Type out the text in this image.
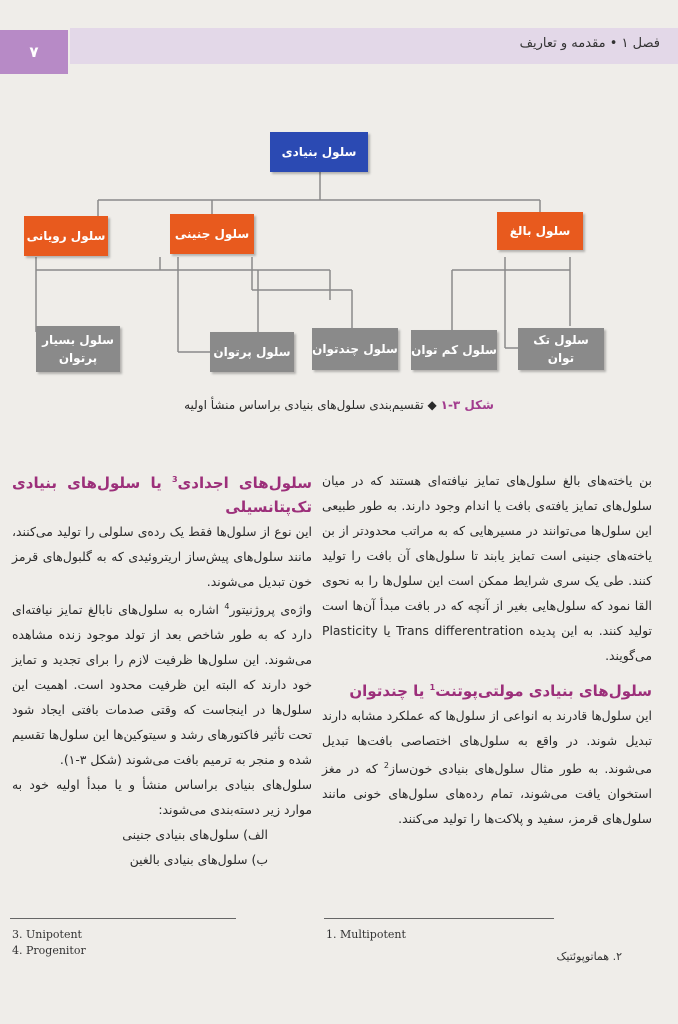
۷	فصل ۱ • مقدمه و تعاریف
سلول بنیادی
سلول بالغ
سلول جنینی
سلول رویانی
سلول تک توان
سلول کم توان
سلول چندتوان
سلول پرتوان
سلول بسیار پرتوان
شکل ۳-۱ ◆ تقسیم‌بندی سلول‌های بنیادی براساس منشأ اولیه

بن یاخته‌های بالغ سلول‌های تمایز نیافته‌ای هستند که در میان سلول‌های تمایز یافته‌ی بافت یا اندام وجود دارند. به طور طبیعی این سلول‌ها می‌توانند در مسیرهایی که به مراتب محدودتر از بن یاخته‌های جنینی است تمایز یابند تا سلول‌های آن بافت را تولید کنند. طی یک سری شرایط ممکن است این سلول‌ها را به نحوی القا نمود که سلول‌هایی بغیر از آنچه که در بافت مبدأ آن‌ها است تولید کنند. به این پدیده Trans differentration یا Plasticity می‌گویند.

سلول‌های بنیادی مولتی‌پوتنت$^1$ یا چندتوان

این سلول‌ها قادرند به انواعی از سلول‌ها که عملکرد مشابه دارند تبدیل شوند. در واقع به سلول‌های اختصاصی بافت‌ها تبدیل می‌شوند. به طور مثال سلول‌های بنیادی خون‌ساز$^2$ که در مغز استخوان یافت می‌شوند، تمام رده‌های سلول‌های خونی مانند سلول‌های قرمز، سفید و پلاکت‌ها را تولید می‌کنند.

سلول‌های اجدادی$^3$ یا سلول‌های بنیادی تک‌پتانسیلی

این نوع از سلول‌ها فقط یک رده‌ی سلولی را تولید می‌کنند، مانند سلول‌های پیش‌ساز اریتروئیدی که به گلبول‌های قرمز خون تبدیل می‌شوند.

واژه‌ی پروژنیتور$^4$ اشاره به سلول‌های نابالغ تمایز نیافته‌ای دارد که به طور شاخص بعد از تولد موجود زنده مشاهده می‌شوند. این سلول‌ها ظرفیت لازم را برای تجدید و تمایز خود دارند که البته این ظرفیت محدود است. اهمیت این سلول‌ها در اینجاست که وقتی صدمات بافتی ایجاد شود تحت تأثیر فاکتورهای رشد و سیتوکین‌ها این سلول‌ها تقسیم شده و منجر به ترمیم بافت می‌شوند (شکل ۳-۱).

سلول‌های بنیادی براساس منشأ و یا مبدأ اولیه خود به موارد زیر دسته‌بندی می‌شوند:

الف) سلول‌های بنیادی جنینی

ب) سلول‌های بنیادی بالغین

3. Unipotent
4. Progenitor
1. Multipotent
۲. هماتوپوئتیک
